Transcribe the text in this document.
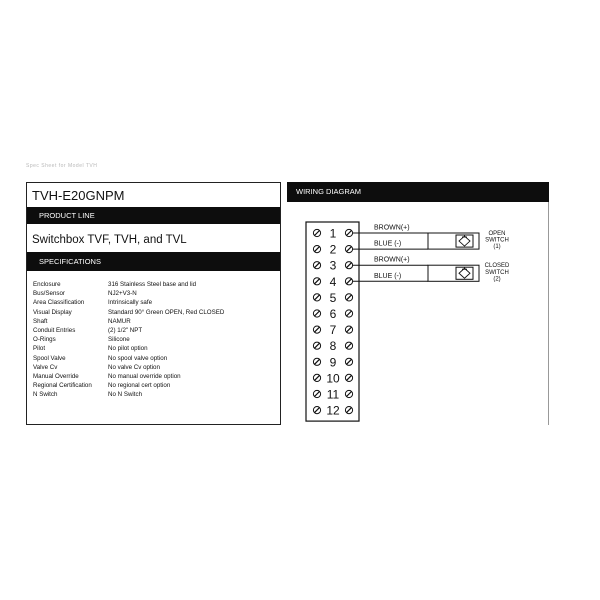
Spec Sheet for Model TVH
TVH-E20GNPM
PRODUCT LINE
Switchbox TVF, TVH, and TVL
SPECIFICATIONS
Enclosure	316 Stainless Steel base and lid
Bus/Sensor	NJ2+V3-N
Area Classification	Intrinsically safe
Visual Display	Standard 90° Green OPEN, Red CLOSED
Shaft	NAMUR
Conduit Entries	(2) 1/2" NPT
O-Rings	Silicone
Pilot	No pilot option
Spool Valve	No spool valve option
Valve Cv	No valve Cv option
Manual Override	No manual override option
Regional Certification	No regional cert option
N Switch	No N Switch
WIRING DIAGRAM
1
2
3
4
5
6
7
8
9
10
11
12
BROWN(+)
BLUE (-)
BROWN(+)
BLUE (-)
OPEN
SWITCH
(1)
CLOSED
SWITCH
(2)
